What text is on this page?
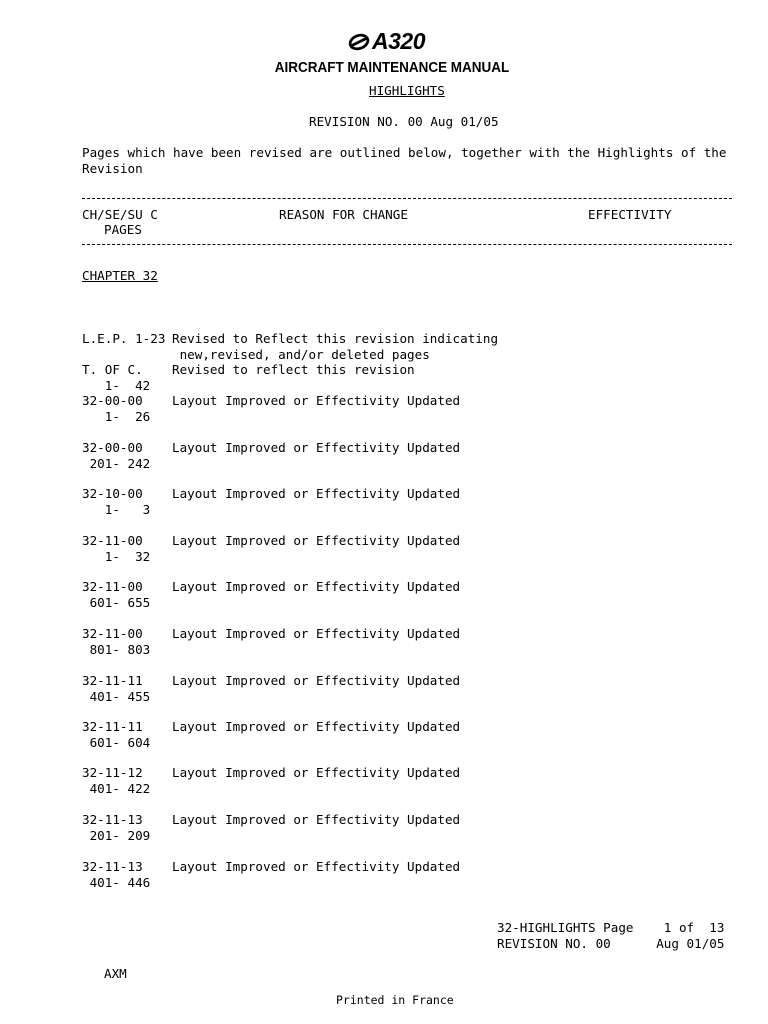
A320
AIRCRAFT MAINTENANCE MANUAL
HIGHLIGHTS
REVISION NO. 00 Aug 01/05
Pages which have been revised are outlined below, together with the Highlights of the Revision
CH/SE/SU C
PAGES
REASON FOR CHANGE	EFFECTIVITY
CHAPTER 32
L.E.P. 1-23 Revised to Reflect this revision indicating
new,revised, and/or deleted pages
T. OF C. Revised to reflect this revision
1-  42
32-00-00 Layout Improved or Effectivity Updated
1-  26
32-00-00 Layout Improved or Effectivity Updated
201- 242
32-10-00 Layout Improved or Effectivity Updated
1-   3
32-11-00 Layout Improved or Effectivity Updated
1-  32
32-11-00 Layout Improved or Effectivity Updated
601- 655
32-11-00 Layout Improved or Effectivity Updated
801- 803
32-11-11 Layout Improved or Effectivity Updated
401- 455
32-11-11 Layout Improved or Effectivity Updated
601- 604
32-11-12 Layout Improved or Effectivity Updated
401- 422
32-11-13 Layout Improved or Effectivity Updated
201- 209
32-11-13 Layout Improved or Effectivity Updated
401- 446
32-HIGHLIGHTS Page    1 of  13
REVISION NO. 00      Aug 01/05
AXM
Printed in France
